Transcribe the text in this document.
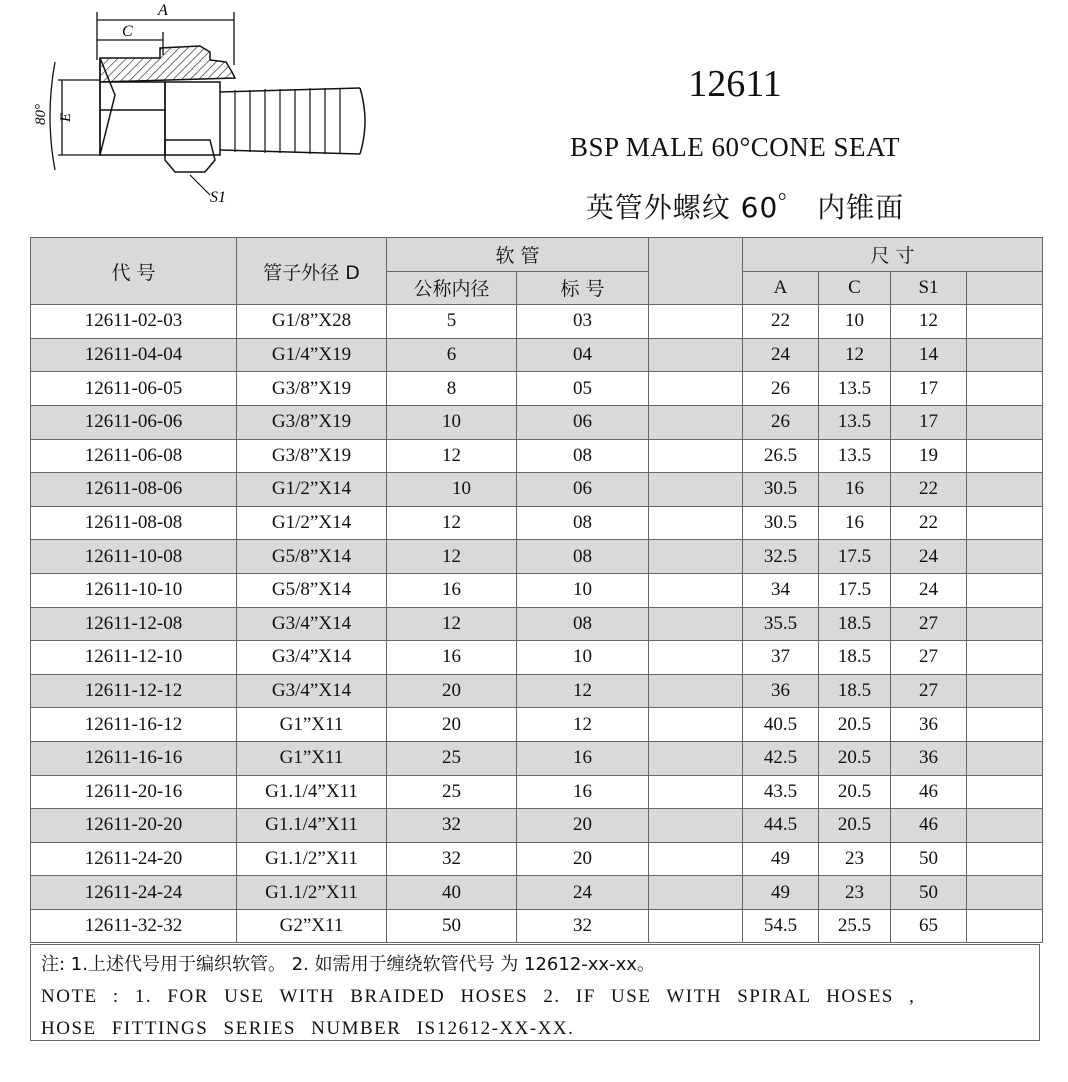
A
C
E
80°
S1
12611
BSP MALE 60°CONE SEAT
英管外螺纹 60゜ 内锥面
代 号	管子外径 D	软 管			尺 寸			
		公称内径	标 号		A	C	S1	
12611-02-03	G1/8”X28	5	03		22	10	12	
12611-04-04	G1/4”X19	6	04		24	12	14	
12611-06-05	G3/8”X19	8	05		26	13.5	17	
12611-06-06	G3/8”X19	10	06		26	13.5	17	
12611-06-08	G3/8”X19	12	08		26.5	13.5	19	
12611-08-06	G1/2”X14	10	06		30.5	16	22	
12611-08-08	G1/2”X14	12	08		30.5	16	22	
12611-10-08	G5/8”X14	12	08		32.5	17.5	24	
12611-10-10	G5/8”X14	16	10		34	17.5	24	
12611-12-08	G3/4”X14	12	08		35.5	18.5	27	
12611-12-10	G3/4”X14	16	10		37	18.5	27	
12611-12-12	G3/4”X14	20	12		36	18.5	27	
12611-16-12	G1”X11	20	12		40.5	20.5	36	
12611-16-16	G1”X11	25	16		42.5	20.5	36	
12611-20-16	G1.1/4”X11	25	16		43.5	20.5	46	
12611-20-20	G1.1/4”X11	32	20		44.5	20.5	46	
12611-24-20	G1.1/2”X11	32	20		49	23	50	
12611-24-24	G1.1/2”X11	40	24		49	23	50	
12611-32-32	G2”X11	50	32		54.5	25.5	65	
注: 1.上述代号用于编织软管。 2. 如需用于缠绕软管代号 为 12612-xx-xx。
NOTE : 1. FOR USE WITH BRAIDED HOSES 2. IF USE WITH SPIRAL HOSES ,
HOSE FITTINGS SERIES NUMBER IS12612-XX-XX.
